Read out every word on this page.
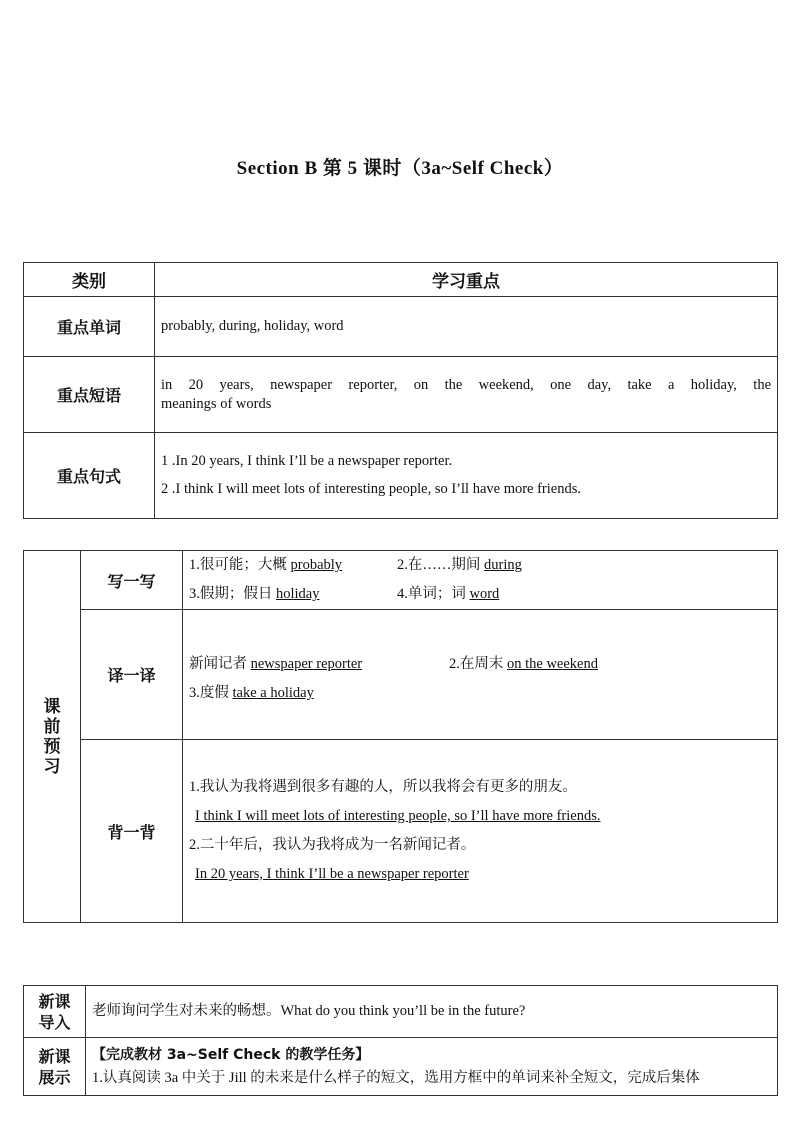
Section B 第 5 课时（3a~Self Check）
类别	学习重点
重点单词	probably, during, holiday, word

重点短语	in 20 years, newspaper reporter, on the weekend, one day, take a holiday, the
meanings of words

重点句式	1 .In 20 years, I think I’ll be a newspaper reporter.
2 .I think I will meet lots of interesting people, so I’ll have more friends.
课前预习	写一写	1.很可能；大概 probably 2.在……期间 during
3.假期；假日 holiday 4.单词；词 word

	译一译	新闻记者 newspaper reporter 2.在周末 on the weekend
3.度假 take a holiday

	背一背	1.我认为我将遇到很多有趣的人，所以我将会有更多的朋友。
I think I will meet lots of interesting people, so I’ll have more friends.
2.二十年后，我认为我将成为一名新闻记者。
In 20 years, I think I’ll be a newspaper reporter
新课导入	老师询问学生对未来的畅想。What do you think you’ll be in the future?

新课展示	【完成教材 3a~Self Check 的教学任务】
1.认真阅读 3a 中关于 Jill 的未来是什么样子的短文，选用方框中的单词来补全短文，完成后集体
